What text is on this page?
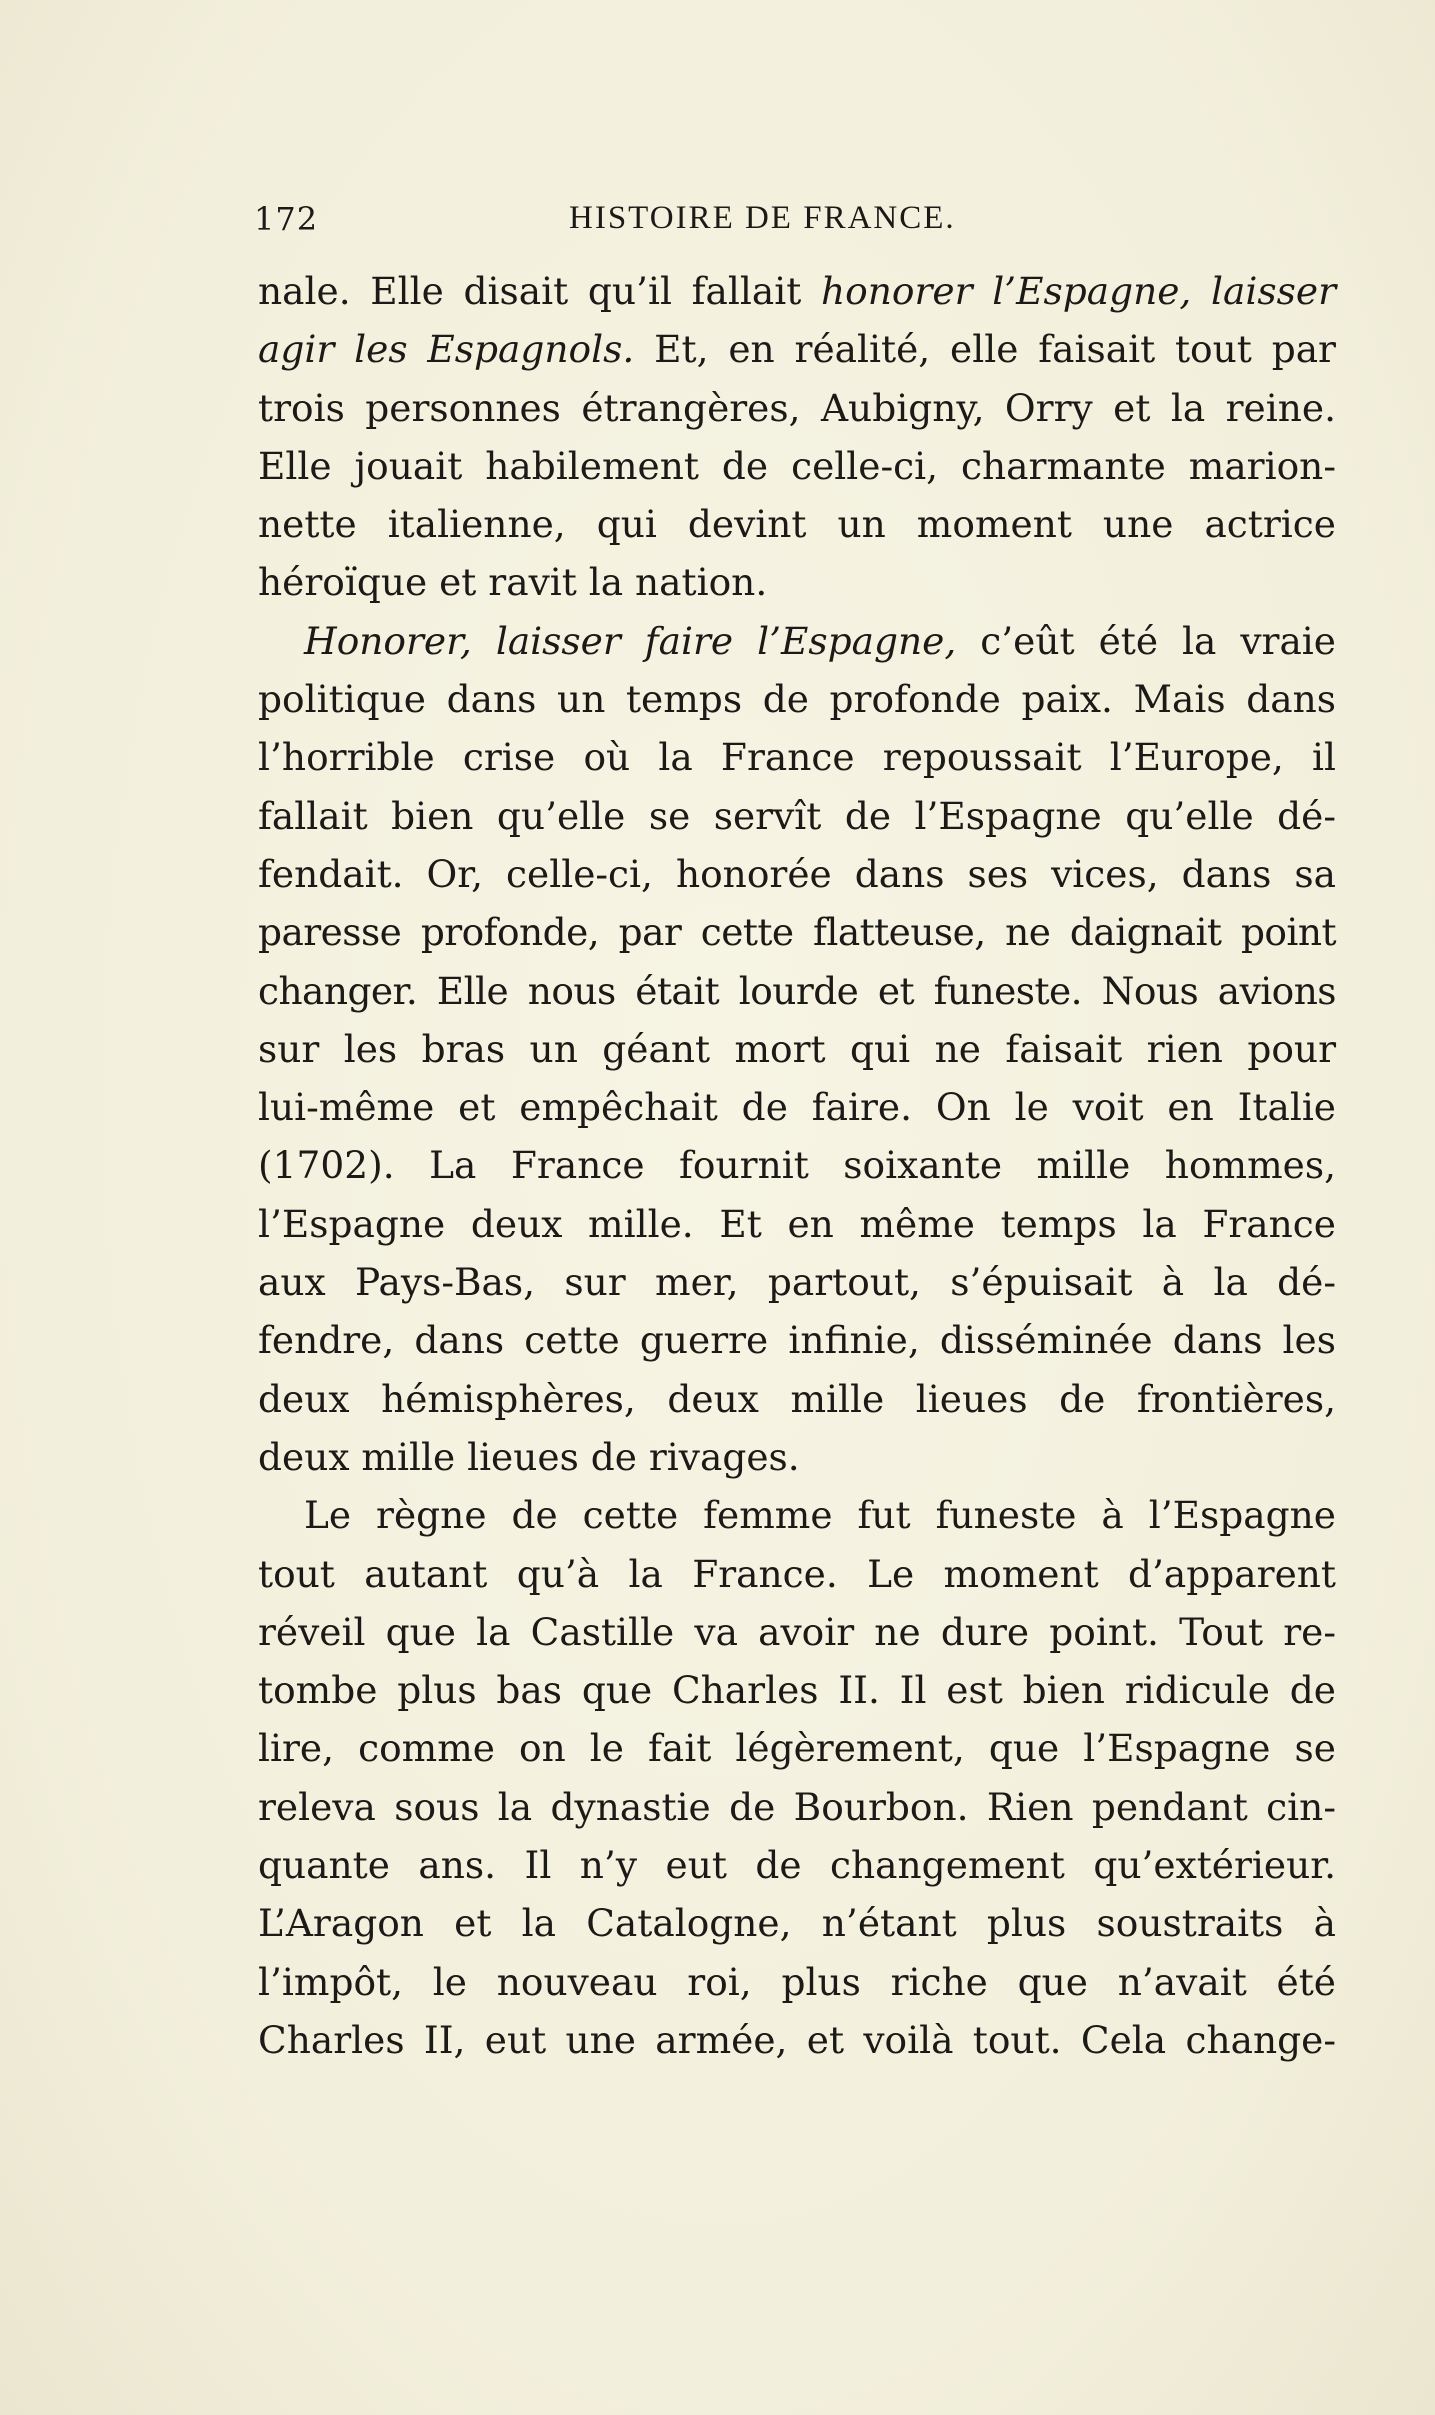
172	HISTOIRE DE FRANCE.
nale. Elle disait qu’il fallait honorer l’Espagne, laisser
agir les Espagnols. Et, en réalité, elle faisait tout par
trois personnes étrangères, Aubigny, Orry et la reine.
Elle jouait habilement de celle-ci, charmante marion-
nette italienne, qui devint un moment une actrice
héroïque et ravit la nation.
Honorer, laisser faire l’Espagne, c’eût été la vraie
politique dans un temps de profonde paix. Mais dans
l’horrible crise où la France repoussait l’Europe, il
fallait bien qu’elle se servît de l’Espagne qu’elle dé-
fendait. Or, celle-ci, honorée dans ses vices, dans sa
paresse profonde, par cette flatteuse, ne daignait point
changer. Elle nous était lourde et funeste. Nous avions
sur les bras un géant mort qui ne faisait rien pour
lui-même et empêchait de faire. On le voit en Italie
(1702). La France fournit soixante mille hommes,
l’Espagne deux mille. Et en même temps la France
aux Pays-Bas, sur mer, partout, s’épuisait à la dé-
fendre, dans cette guerre infinie, disséminée dans les
deux hémisphères, deux mille lieues de frontières,
deux mille lieues de rivages.
Le règne de cette femme fut funeste à l’Espagne
tout autant qu’à la France. Le moment d’apparent
réveil que la Castille va avoir ne dure point. Tout re-
tombe plus bas que Charles II. Il est bien ridicule de
lire, comme on le fait légèrement, que l’Espagne se
releva sous la dynastie de Bourbon. Rien pendant cin-
quante ans. Il n’y eut de changement qu’extérieur.
L’Aragon et la Catalogne, n’étant plus soustraits à
l’impôt, le nouveau roi, plus riche que n’avait été
Charles II, eut une armée, et voilà tout. Cela change-
